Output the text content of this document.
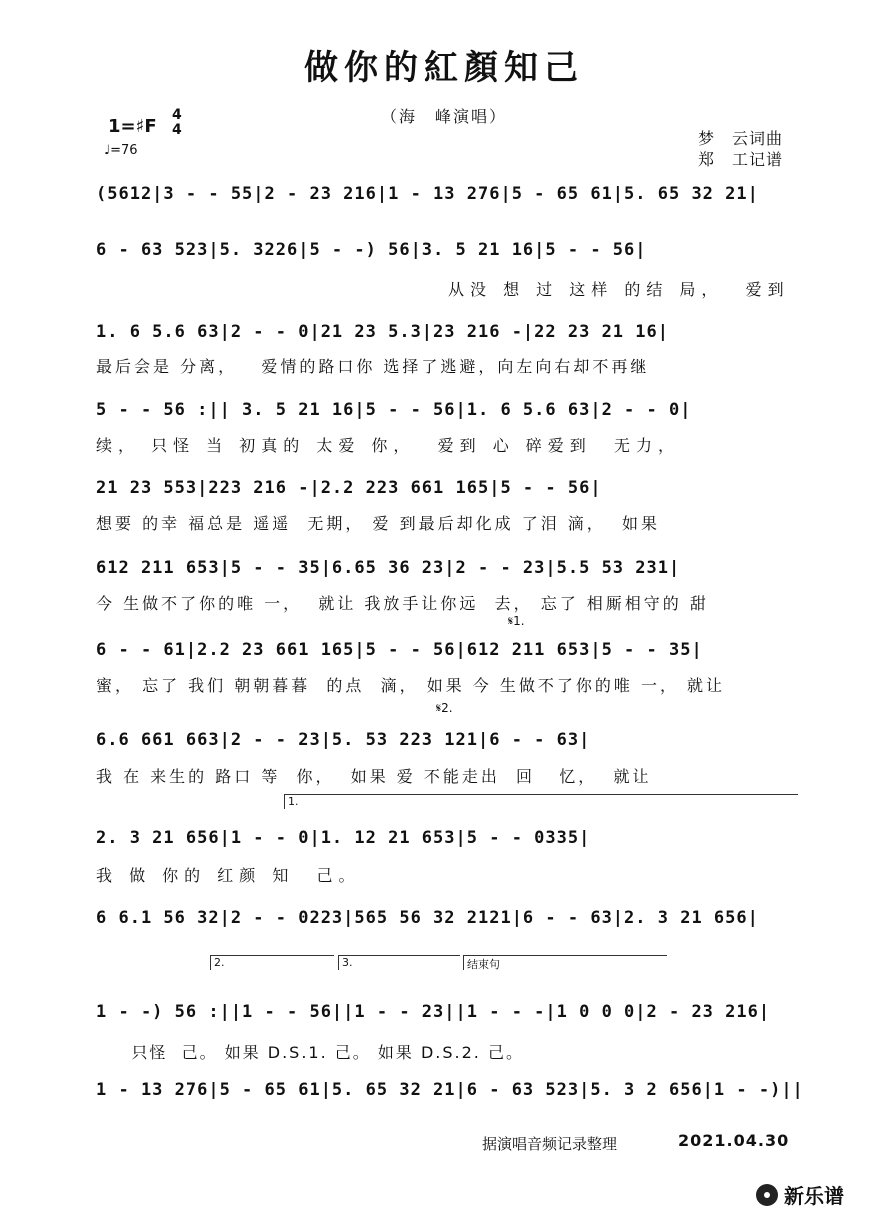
做你的紅顏知己
（海　峰演唱）
1=♯F
4
4
♩=76
梦　云词曲
郑　工记谱
(5612|3 - - 55|2 - 23 216|1 - 13 276|5 - 65 61|5. 65 32 21|
6 - 63 523|5. 3226|5 - -) 56|3. 5 21 16|5 - - 56|
从没 想 过 这样 的结 局，  爱到
1. 6 5.6 63|2 - - 0|21 23 5.3|23 216 -|22 23 21 16|
最后会是 分离，   爱情的路口你 选择了逃避，向左向右却不再继
5 - - 56 :|| 3. 5 21 16|5 - - 56|1. 6 5.6 63|2 - - 0|
续， 只怪 当 初真的 太爱 你，  爱到 心 碎爱到  无力，
21 23 553|223 216 -|2.2 223 661 165|5 - - 56|
想要 的幸 福总是 遥遥  无期， 爱 到最后却化成 了泪 滴，  如果
612 211 653|5 - - 35|6.65 36 23|2 - - 23|5.5 53 231|
今 生做不了你的唯 一，  就让 我放手让你远  去， 忘了 相厮相守的 甜
𝄋1.
6 - - 61|2.2 23 661 165|5 - - 56|612 211 653|5 - - 35|
蜜， 忘了 我们 朝朝暮暮  的点  滴， 如果 今 生做不了你的唯 一， 就让
𝄋2.
6.6 661 663|2 - - 23|5. 53 223 121|6 - - 63|
我 在 来生的 路口 等  你，  如果 爱 不能走出  回   忆，  就让
1.
2. 3 21 656|1 - - 0|1. 12 21 653|5 - - 0335|
我 做 你的 红颜 知  己。
6 6.1 56 32|2 - - 0223|565 56 32 2121|6 - - 63|2. 3 21 656|
2.	3.	结束句
1 - -) 56 :||1 - - 56||1 - - 23||1 - - -|1 0 0 0|2 - 23 216|
只怪  己。 如果 D.S.1. 己。 如果 D.S.2. 己。
1 - 13 276|5 - 65 61|5. 65 32 21|6 - 63 523|5. 3 2 656|1 - -)||
据演唱音频记录整理	2021.04.30
新乐谱
